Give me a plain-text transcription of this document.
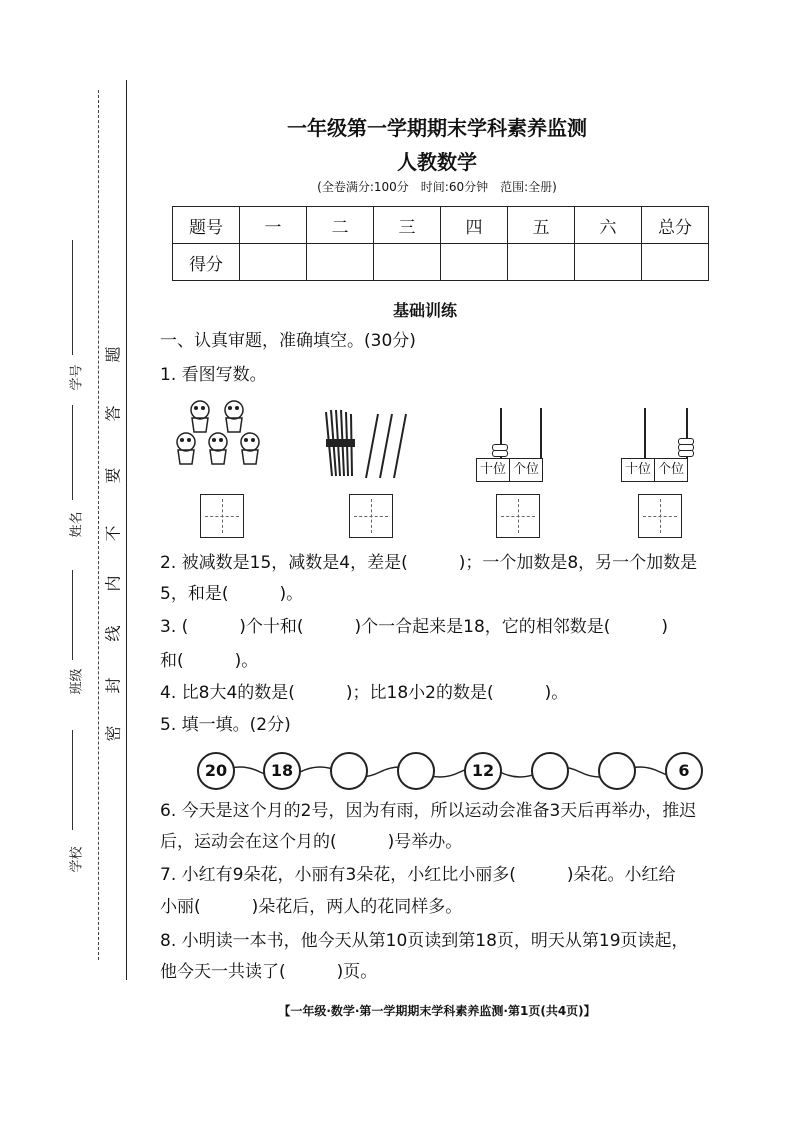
学校
班级
姓名
学号
密
封
线
内
不
要
答
题
一年级第一学期期末学科素养监测
人教数学
(全卷满分:100分　时间:60分钟　范围:全册)
题号	一	二	三	四	五	六	总分
得分							
基础训练
一、认真审题，准确填空。(30分)
1. 看图写数。
十位 个位	十位 个位
2. 被减数是15，减数是4，差是(　　　)；一个加数是8，另一个加数是
5，和是(　　　)。
3. (　　　)个十和(　　　)个一合起来是18，它的相邻数是(　　　)
和(　　　)。
4. 比8大4的数是(　　　)；比18小2的数是(　　　)。
5. 填一填。(2分)
20	18	12	6
6. 今天是这个月的2号，因为有雨，所以运动会准备3天后再举办，推迟
后，运动会在这个月的(　　　)号举办。
7. 小红有9朵花，小丽有3朵花，小红比小丽多(　　　)朵花。小红给
小丽(　　　)朵花后，两人的花同样多。
8. 小明读一本书，他今天从第10页读到第18页，明天从第19页读起，
他今天一共读了(　　　)页。
【一年级·数学·第一学期期末学科素养监测·第1页(共4页)】
